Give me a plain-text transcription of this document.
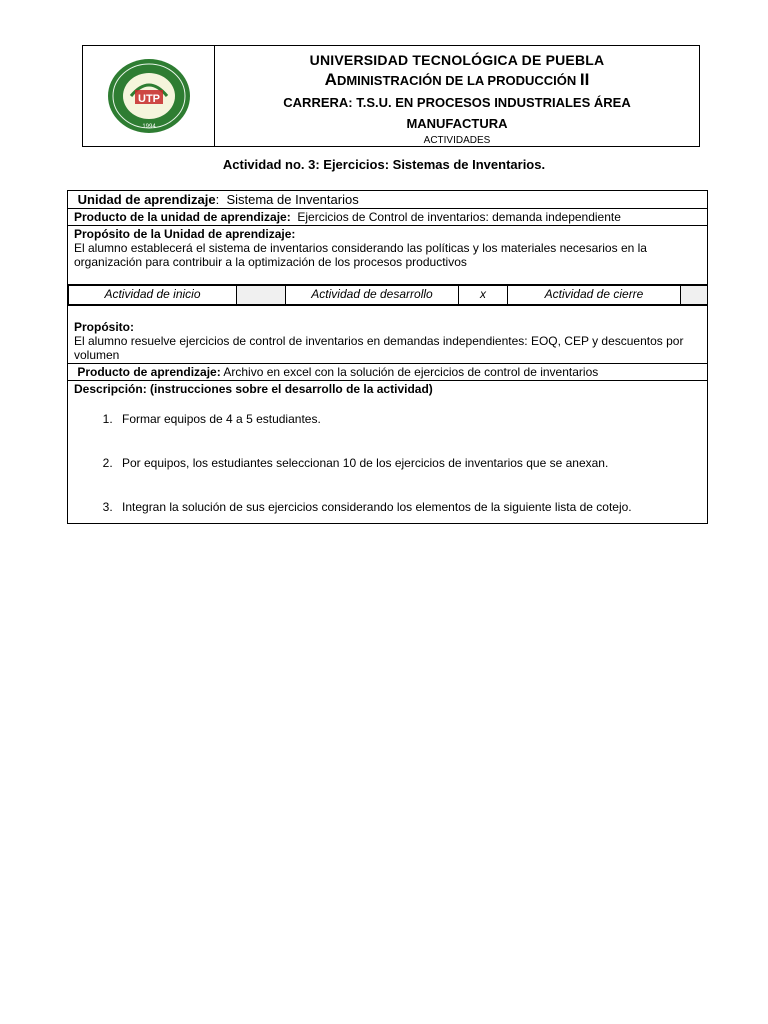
UTP
1994
UNIVERSIDAD TECNOLÓGICA DE PUEBLA
ADMINISTRACIÓN DE LA PRODUCCIÓN II
CARRERA: T.S.U. EN PROCESOS INDUSTRIALES ÁREA
MANUFACTURA
ACTIVIDADES
Actividad no. 3: Ejercicios: Sistemas de Inventarios.
Unidad de aprendizaje:  Sistema de Inventarios
Producto de la unidad de aprendizaje: Ejercicios de Control de inventarios: demanda independiente

Propósito de la Unidad de aprendizaje:
El alumno establecerá el sistema de inventarios considerando las políticas y los materiales necesarios en la organización para contribuir a la optimización de los procesos productivos

Actividad de inicio		Actividad de desarrollo	x	Actividad de cierre	

Propósito:
El alumno resuelve ejercicios de control de inventarios en demandas independientes: EOQ, CEP y descuentos por volumen

Producto de aprendizaje: Archivo en excel con la solución de ejercicios de control de inventarios

Descripción: (instrucciones sobre el desarrollo de la actividad)
1. Formar equipos de 4 a 5 estudiantes.
2. Por equipos, los estudiantes seleccionan 10 de los ejercicios de inventarios que se anexan.
3. Integran la solución de sus ejercicios considerando los elementos de la siguiente lista de cotejo.
